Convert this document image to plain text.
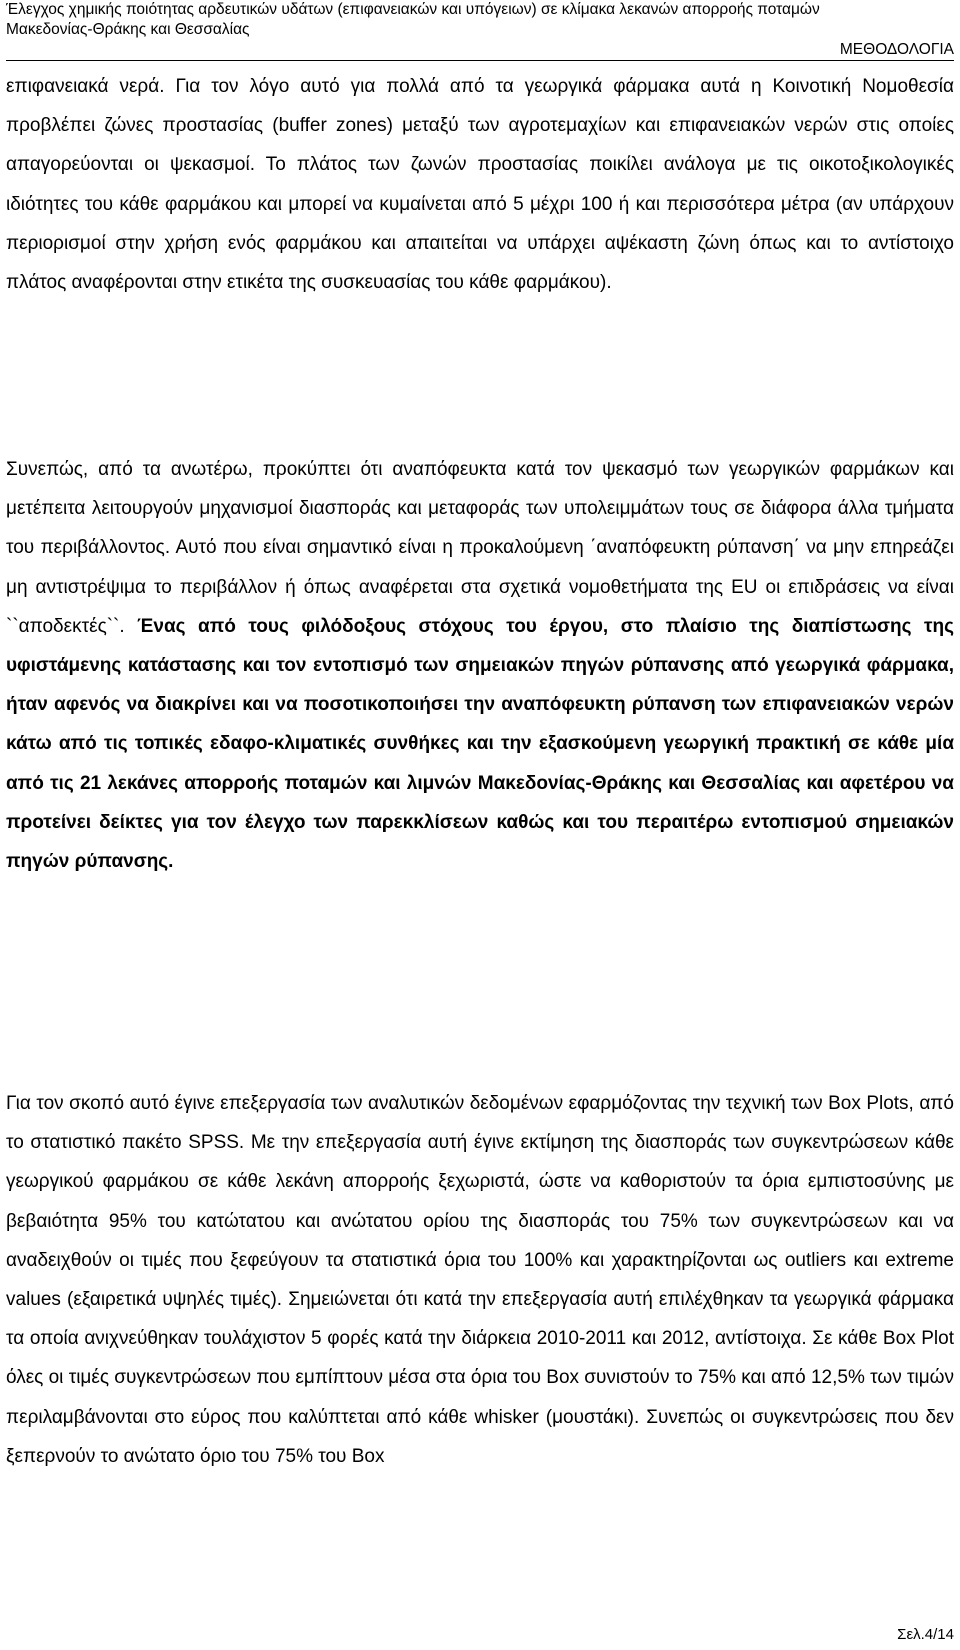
Έλεγχος χημικής ποιότητας αρδευτικών υδάτων (επιφανειακών και υπόγειων) σε κλίμακα λεκανών απορροής ποταμών
Μακεδονίας-Θράκης και Θεσσαλίας
ΜΕΘΟΔΟΛΟΓΙΑ

επιφανειακά νερά. Για τον λόγο αυτό για πολλά από τα γεωργικά φάρμακα αυτά η Κοινοτική Νομοθεσία προβλέπει ζώνες προστασίας (buffer zones) μεταξύ των αγροτεμαχίων και επιφανειακών νερών στις οποίες απαγορεύονται οι ψεκασμοί. Το πλάτος των ζωνών προστασίας ποικίλει ανάλογα με τις οικοτοξικολογικές ιδιότητες του κάθε φαρμάκου και μπορεί να κυμαίνεται από 5 μέχρι 100 ή και περισσότερα μέτρα (αν υπάρχουν περιορισμοί στην χρήση ενός φαρμάκου και απαιτείται να υπάρχει αψέκαστη ζώνη όπως και το αντίστοιχο πλάτος αναφέρονται στην ετικέτα της συσκευασίας του κάθε φαρμάκου).

Συνεπώς, από τα ανωτέρω, προκύπτει ότι αναπόφευκτα κατά τον ψεκασμό των γεωργικών φαρμάκων και μετέπειτα λειτουργούν μηχανισμοί διασποράς και μεταφοράς των υπολειμμάτων τους σε διάφορα άλλα τμήματα του περιβάλλοντος. Αυτό που είναι σημαντικό είναι η προκαλούμενη ΄αναπόφευκτη ρύπανση΄ να μην επηρεάζει μη αντιστρέψιμα το περιβάλλον ή όπως αναφέρεται στα σχετικά νομοθετήματα της EU οι επιδράσεις να είναι ``αποδεκτές``. Ένας από τους φιλόδοξους στόχους του έργου, στο πλαίσιο της διαπίστωσης της υφιστάμενης κατάστασης και τον εντοπισμό των σημειακών πηγών ρύπανσης από γεωργικά φάρμακα, ήταν αφενός να διακρίνει και να ποσοτικοποιήσει την αναπόφευκτη ρύπανση των επιφανειακών νερών κάτω από τις τοπικές εδαφο-κλιματικές συνθήκες και την εξασκούμενη γεωργική πρακτική σε κάθε μία από τις 21 λεκάνες απορροής ποταμών και λιμνών Μακεδονίας-Θράκης και Θεσσαλίας και αφετέρου να προτείνει δείκτες για τον έλεγχο των παρεκκλίσεων καθώς και του περαιτέρω εντοπισμού σημειακών πηγών ρύπανσης.

Για τον σκοπό αυτό έγινε επεξεργασία των αναλυτικών δεδομένων εφαρμόζοντας την τεχνική των Box Plots, από το στατιστικό πακέτο SPSS. Με την επεξεργασία αυτή έγινε εκτίμηση της διασποράς των συγκεντρώσεων κάθε γεωργικού φαρμάκου σε κάθε λεκάνη απορροής ξεχωριστά, ώστε να καθοριστούν τα όρια εμπιστοσύνης με βεβαιότητα 95% του κατώτατου και ανώτατου ορίου της διασποράς του 75% των συγκεντρώσεων και να αναδειχθούν οι τιμές που ξεφεύγουν τα στατιστικά όρια του 100% και χαρακτηρίζονται ως outliers και extreme values (εξαιρετικά υψηλές τιμές). Σημειώνεται ότι κατά την επεξεργασία αυτή επιλέχθηκαν τα γεωργικά φάρμακα τα οποία ανιχνεύθηκαν τουλάχιστον 5 φορές κατά την διάρκεια 2010-2011 και 2012, αντίστοιχα. Σε κάθε Box Plot όλες οι τιμές συγκεντρώσεων που εμπίπτουν μέσα στα όρια του Box συνιστούν το 75% και από 12,5% των τιμών περιλαμβάνονται στο εύρος που καλύπτεται από κάθε whisker (μουστάκι). Συνεπώς οι συγκεντρώσεις που δεν ξεπερνούν το ανώτατο όριο του 75% του Box

Σελ.4/14
